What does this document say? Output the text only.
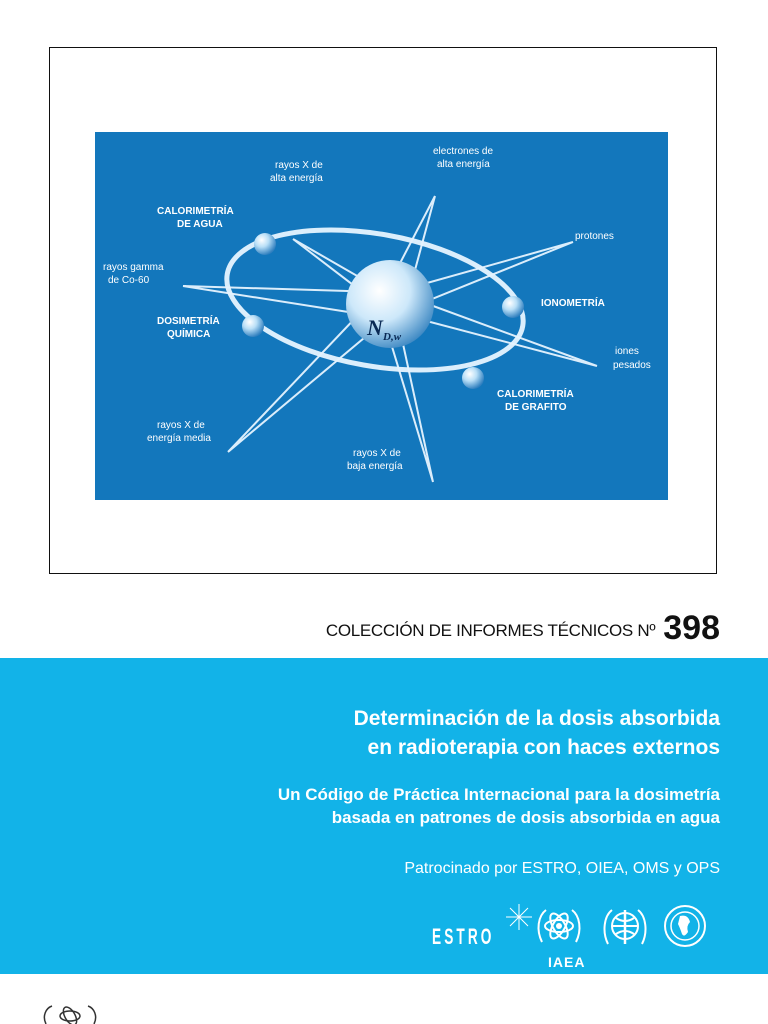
N D,w
rayos X de
alta energía
electrones de
alta energía
CALORIMETRÍA
DE AGUA
protones
rayos gamma
de Co-60
IONOMETRÍA
DOSIMETRÍA
QUÍMICA
iones
pesados
CALORIMETRÍA
DE GRAFITO
rayos X de
energía media
rayos X de
baja energía
COLECCIÓN DE INFORMES TÉCNICOS Nº 398
Determinación de la dosis absorbida
en radioterapia con haces externos
Un Código de Práctica Internacional para la dosimetría
basada en patrones de dosis absorbida en agua
Patrocinado por ESTRO, OIEA, OMS y OPS
ESTRO
IAEA
